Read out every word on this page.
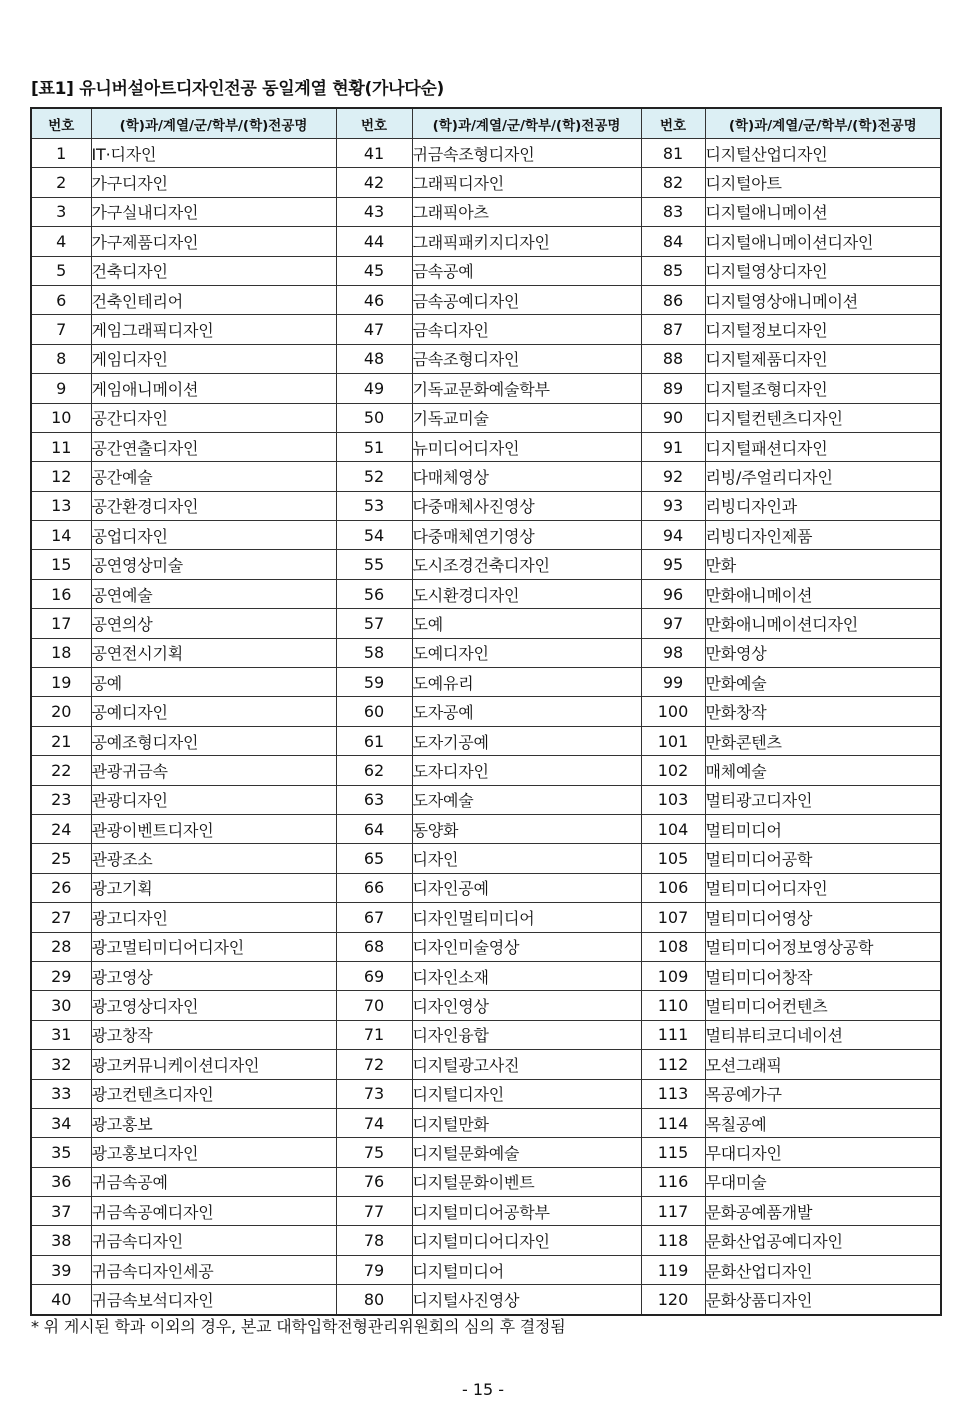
[표1] 유니버설아트디자인전공 동일계열 현황(가나다순)
번호	(학)과/계열/군/학부/(학)전공명	번호	(학)과/계열/군/학부/(학)전공명	번호	(학)과/계열/군/학부/(학)전공명
1	IT·디자인	41	귀금속조형디자인	81	디지털산업디자인
2	가구디자인	42	그래픽디자인	82	디지털아트
3	가구실내디자인	43	그래픽아츠	83	디지털애니메이션
4	가구제품디자인	44	그래픽패키지디자인	84	디지털애니메이션디자인
5	건축디자인	45	금속공예	85	디지털영상디자인
6	건축인테리어	46	금속공예디자인	86	디지털영상애니메이션
7	게임그래픽디자인	47	금속디자인	87	디지털정보디자인
8	게임디자인	48	금속조형디자인	88	디지털제품디자인
9	게임애니메이션	49	기독교문화예술학부	89	디지털조형디자인
10	공간디자인	50	기독교미술	90	디지털컨텐츠디자인
11	공간연출디자인	51	뉴미디어디자인	91	디지털패션디자인
12	공간예술	52	다매체영상	92	리빙/주얼리디자인
13	공간환경디자인	53	다중매체사진영상	93	리빙디자인과
14	공업디자인	54	다중매체연기영상	94	리빙디자인제품
15	공연영상미술	55	도시조경건축디자인	95	만화
16	공연예술	56	도시환경디자인	96	만화애니메이션
17	공연의상	57	도예	97	만화애니메이션디자인
18	공연전시기획	58	도예디자인	98	만화영상
19	공예	59	도예유리	99	만화예술
20	공예디자인	60	도자공예	100	만화창작
21	공예조형디자인	61	도자기공예	101	만화콘텐츠
22	관광귀금속	62	도자디자인	102	매체예술
23	관광디자인	63	도자예술	103	멀티광고디자인
24	관광이벤트디자인	64	동양화	104	멀티미디어
25	관광조소	65	디자인	105	멀티미디어공학
26	광고기획	66	디자인공예	106	멀티미디어디자인
27	광고디자인	67	디자인멀티미디어	107	멀티미디어영상
28	광고멀티미디어디자인	68	디자인미술영상	108	멀티미디어정보영상공학
29	광고영상	69	디자인소재	109	멀티미디어창작
30	광고영상디자인	70	디자인영상	110	멀티미디어컨텐츠
31	광고창작	71	디자인융합	111	멀티뷰티코디네이션
32	광고커뮤니케이션디자인	72	디지털광고사진	112	모션그래픽
33	광고컨텐츠디자인	73	디지털디자인	113	목공예가구
34	광고홍보	74	디지털만화	114	목칠공예
35	광고홍보디자인	75	디지털문화예술	115	무대디자인
36	귀금속공예	76	디지털문화이벤트	116	무대미술
37	귀금속공예디자인	77	디지털미디어공학부	117	문화공예품개발
38	귀금속디자인	78	디지털미디어디자인	118	문화산업공예디자인
39	귀금속디자인세공	79	디지털미디어	119	문화산업디자인
40	귀금속보석디자인	80	디지털사진영상	120	문화상품디자인
* 위 게시된 학과 이외의 경우, 본교 대학입학전형관리위원회의 심의 후 결정됨
- 15 -
